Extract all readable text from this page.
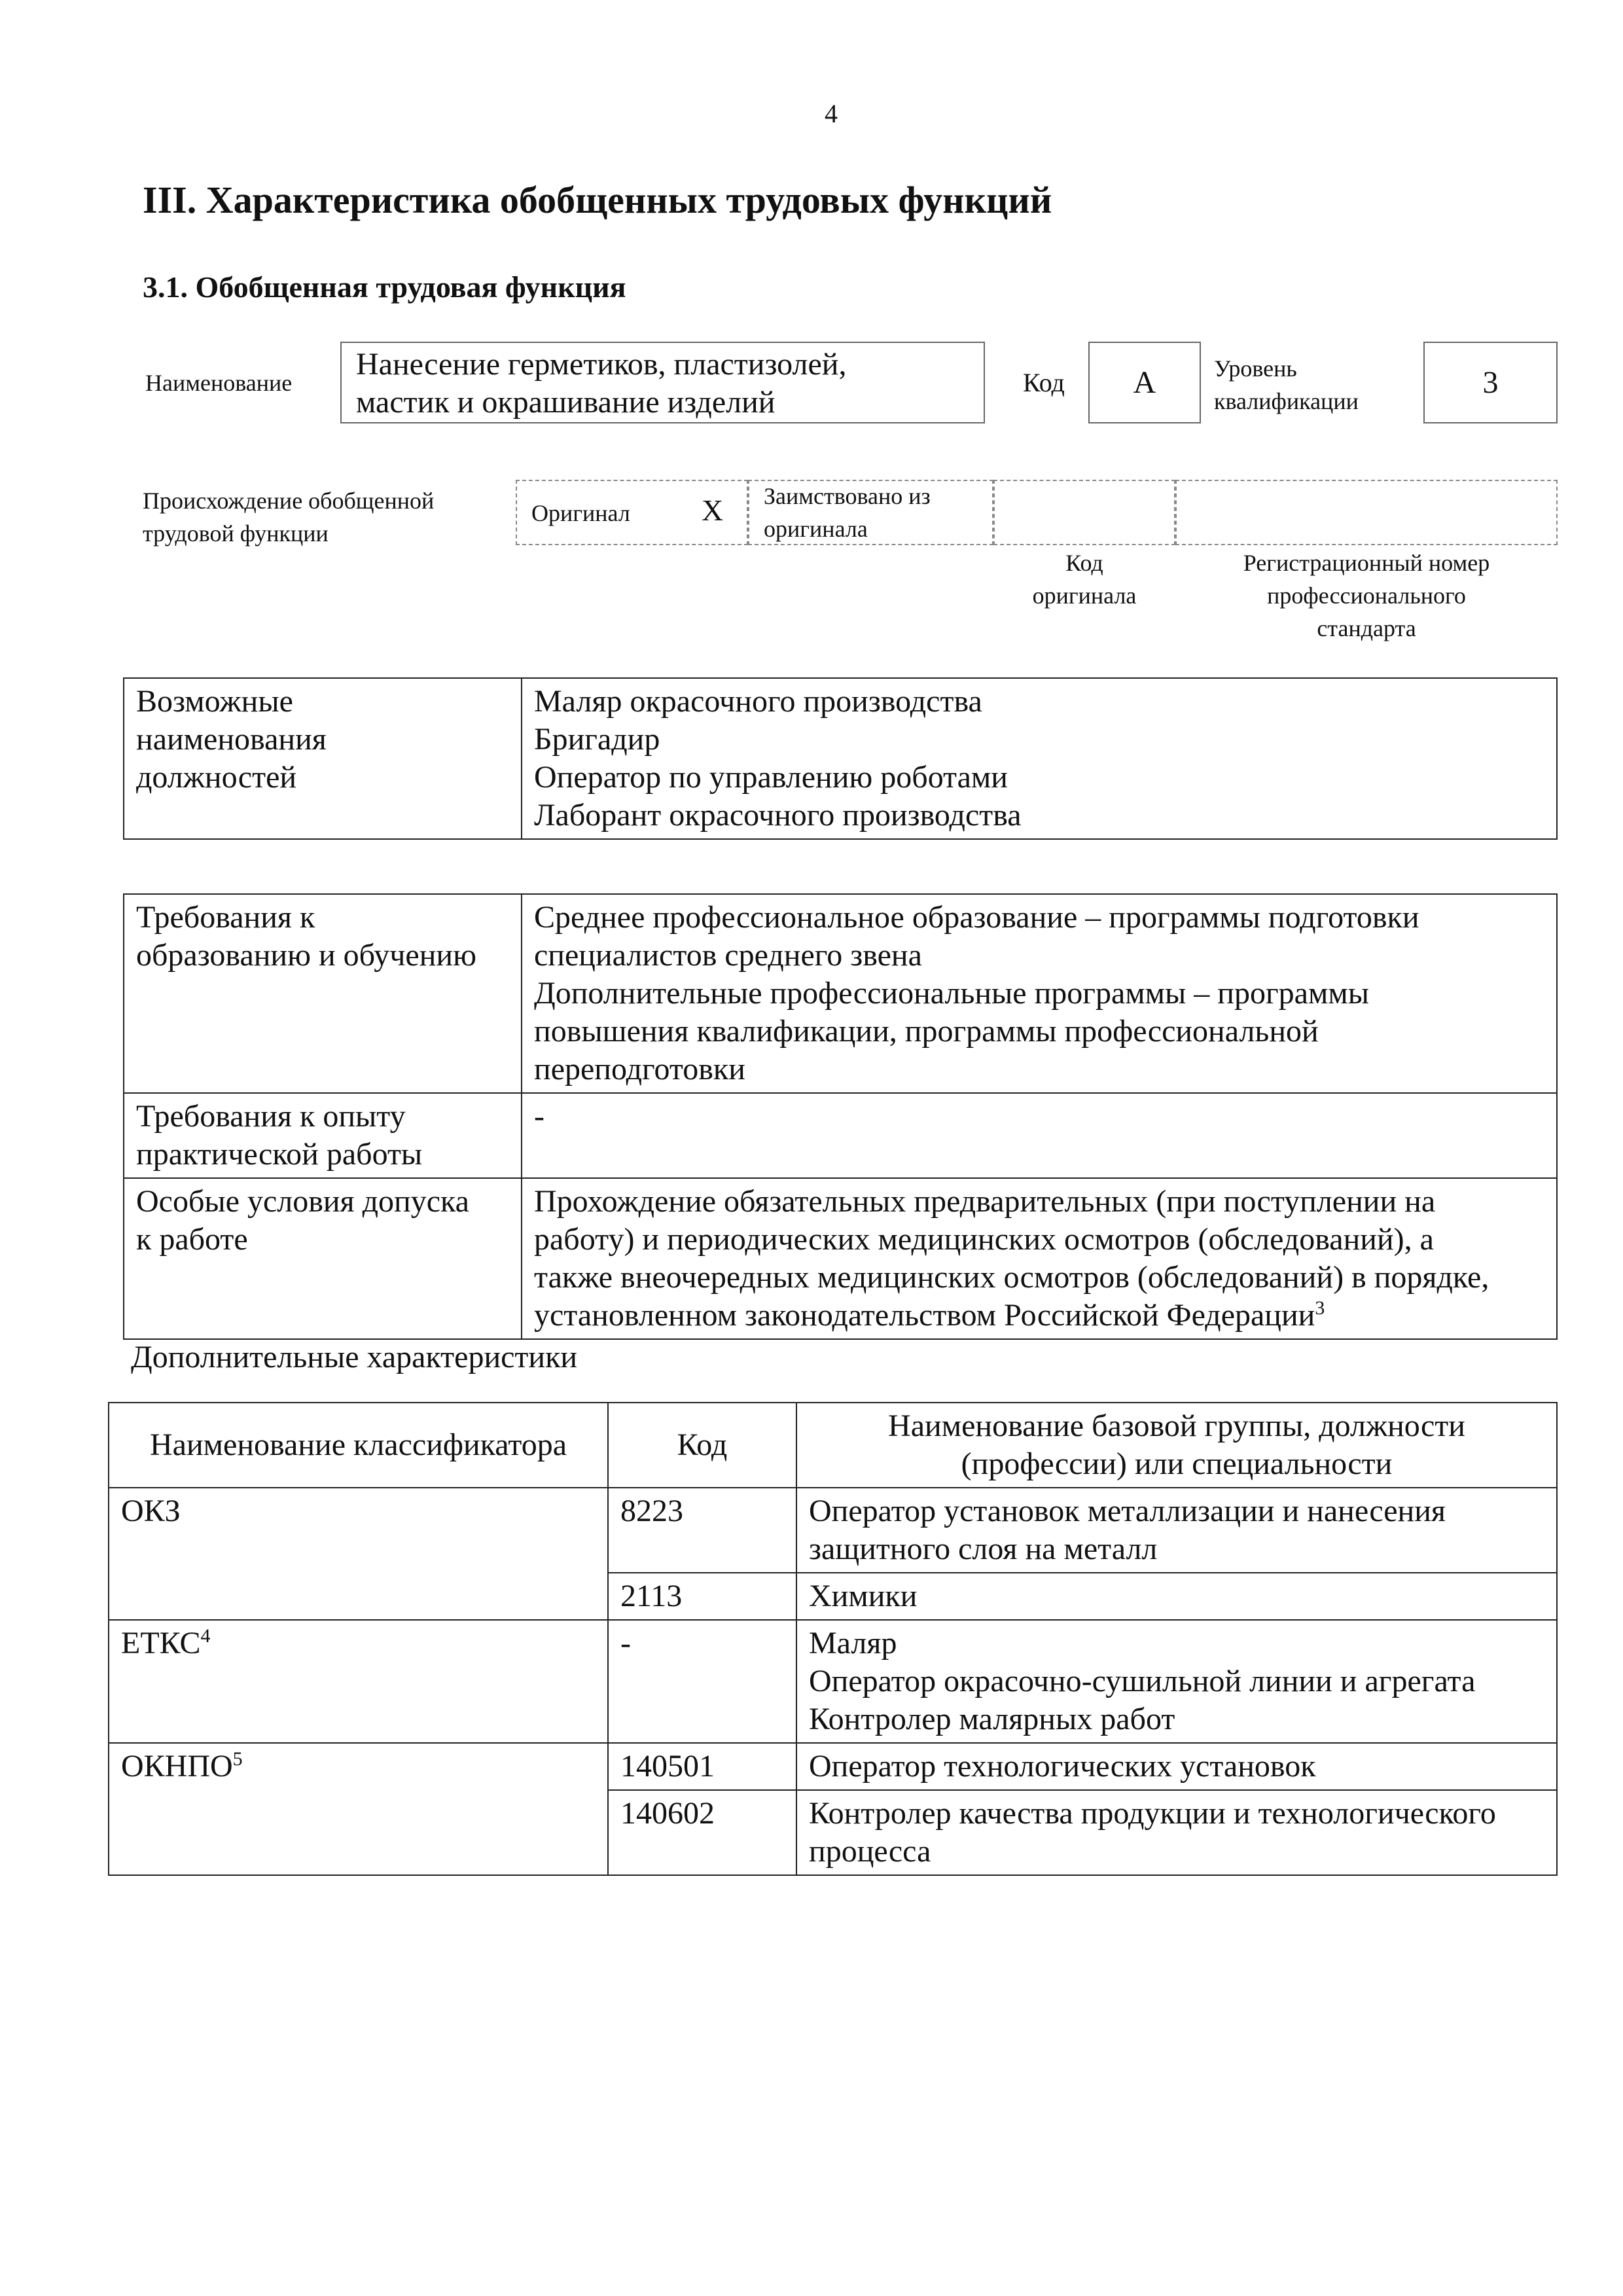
4
III. Характеристика обобщенных трудовых функций
3.1. Обобщенная трудовая функция
Наименование
Нанесение герметиков, пластизолей,
мастик и окрашивание изделий
Код А Уровень
квалификации
3
Происхождение обобщенной
трудовой функции
Оригинал Х Заимствовано из
оригинала
Код
оригинала
Регистрационный номер
профессионального
стандарта
Возможные
наименования
должностей

Маляр окрасочного производства
Бригадир
Оператор по управлению роботами
Лаборант окрасочного производства
Требования к
образованию и обучению	Среднее профессиональное образование – программы подготовки
специалистов среднего звена
Дополнительные профессиональные программы – программы
повышения квалификации, программы профессиональной
переподготовки

Требования к опыту
практической работы	-

Особые условия допуска
к работе	Прохождение обязательных предварительных (при поступлении на
работу) и периодических медицинских осмотров (обследований), а
также внеочередных медицинских осмотров (обследований) в порядке,
установленном законодательством Российской Федерации$^3$
Дополнительные характеристики
Наименование классификатора	Код	Наименование базовой группы, должности
(профессии) или специальности

ОКЗ	8223	Оператор установок металлизации и нанесения
защитного слоя на металл

	2113	Химики
ЕТКС$^4$	-	Маляр
Оператор окрасочно-сушильной линии и агрегата
Контролер малярных работ

ОКНПО$^5$	140501	Оператор технологических установок
	140602	Контролер качества продукции и технологического
процесса
